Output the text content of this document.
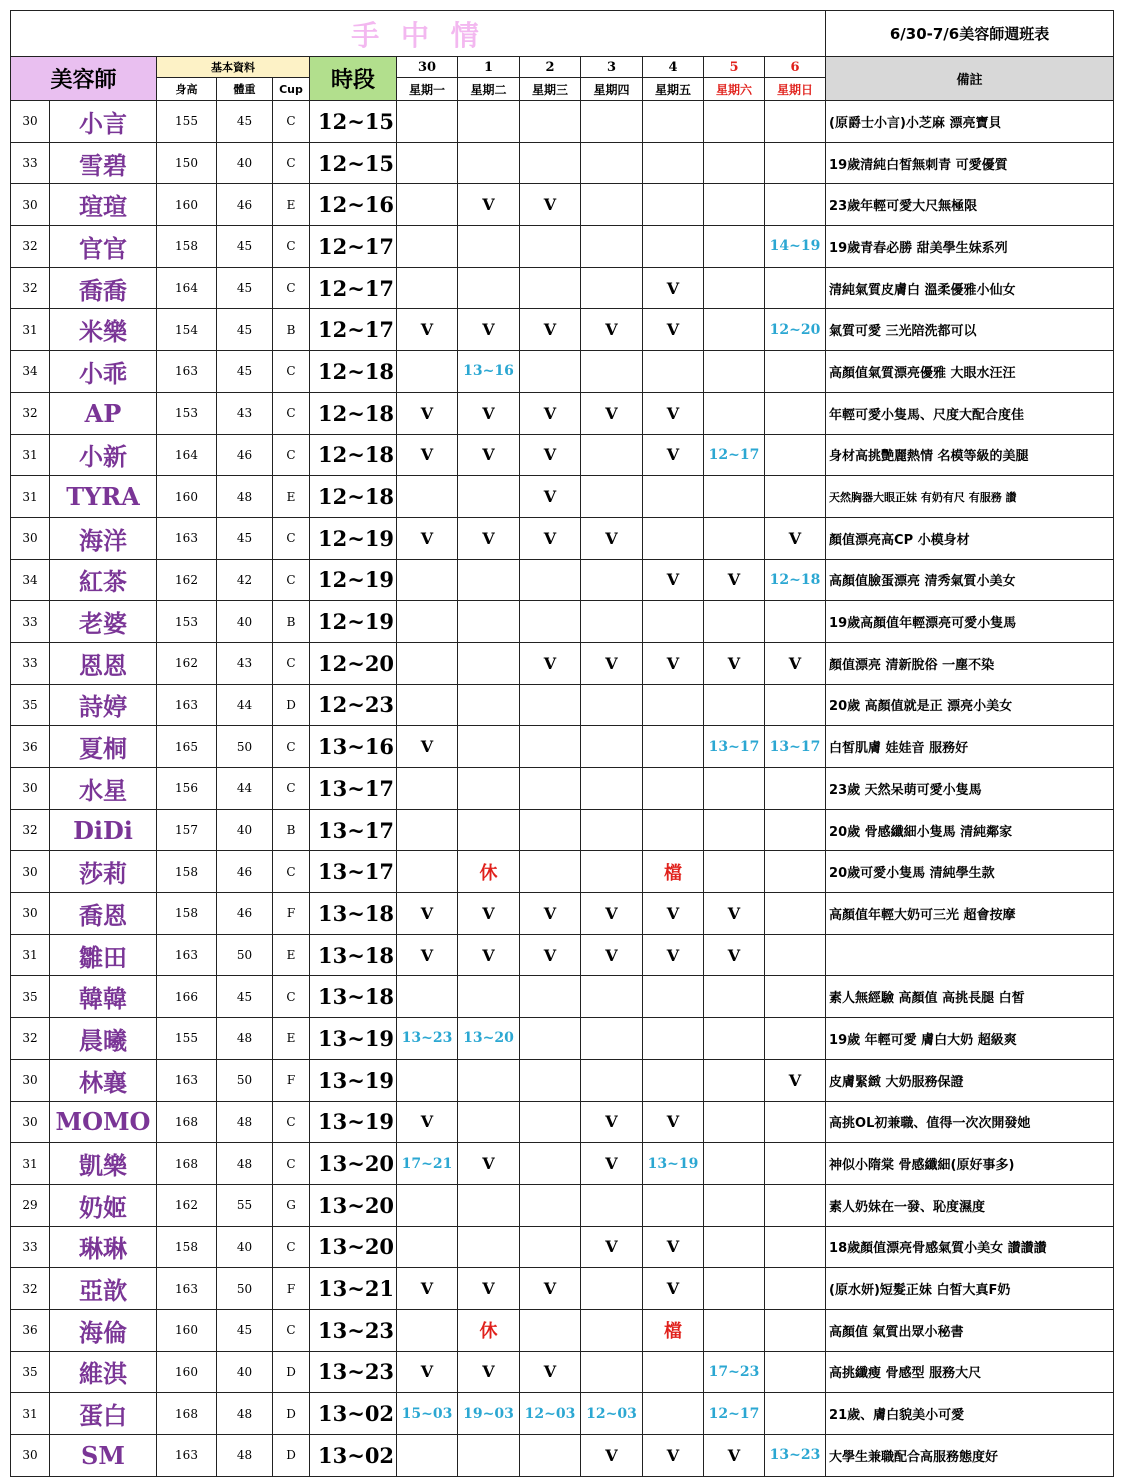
手 中 情													6/30-7/6美容師週班表
美容師		基本資料			時段	30	1	2	3	4	5	6	備註
		身高	體重	Cup		星期一	星期二	星期三	星期四	星期五	星期六	星期日	
30	小言	155	45	C	12~15								(原爵士小言)小芝麻 漂亮寶貝
33	雪碧	150	40	C	12~15								19歲清純白皙無刺青 可愛優質
30	瑄瑄	160	46	E	12~16		V	V					23歲年輕可愛大尺無極限
32	官官	158	45	C	12~17							14~19	19歲青春必勝 甜美學生妹系列
32	喬喬	164	45	C	12~17					V			清純氣質皮膚白 溫柔優雅小仙女
31	米樂	154	45	B	12~17	V	V	V	V	V		12~20	氣質可愛 三光陪洗都可以
34	小乖	163	45	C	12~18		13~16						高顏值氣質漂亮優雅 大眼水汪汪
32	AP	153	43	C	12~18	V	V	V	V	V			年輕可愛小隻馬、尺度大配合度佳
31	小新	164	46	C	12~18	V	V	V		V	12~17		身材高挑艷麗熱情 名模等級的美腿
31	TYRA	160	48	E	12~18			V					天然胸器大眼正妹 有奶有尺 有服務 讚
30	海洋	163	45	C	12~19	V	V	V	V			V	顏值漂亮高CP 小模身材
34	紅茶	162	42	C	12~19					V	V	12~18	高顏值臉蛋漂亮 清秀氣質小美女
33	老婆	153	40	B	12~19								19歲高顏值年輕漂亮可愛小隻馬
33	恩恩	162	43	C	12~20			V	V	V	V	V	顏值漂亮 清新脫俗 一塵不染
35	詩婷	163	44	D	12~23								20歲 高顏值就是正 漂亮小美女
36	夏桐	165	50	C	13~16	V					13~17	13~17	白皙肌膚 娃娃音 服務好
30	水星	156	44	C	13~17								23歲 天然呆萌可愛小隻馬
32	DiDi	157	40	B	13~17								20歲 骨感纖細小隻馬 清純鄰家
30	莎莉	158	46	C	13~17		休			檔			20歲可愛小隻馬 清純學生款
30	喬恩	158	46	F	13~18	V	V	V	V	V	V		高顏值年輕大奶可三光 超會按摩
31	雛田	163	50	E	13~18	V	V	V	V	V	V		
35	韓韓	166	45	C	13~18								素人無經驗 高顏值 高挑長腿 白皙
32	晨曦	155	48	E	13~19	13~23	13~20						19歲 年輕可愛 膚白大奶 超級爽
30	林襄	163	50	F	13~19							V	皮膚緊緻 大奶服務保證
30	MOMO	168	48	C	13~19	V			V	V			高挑OL初兼職、值得一次次開發她
31	凱樂	168	48	C	13~20	17~21	V		V	13~19			神似小隋棠 骨感纖細(原好事多)
29	奶姬	162	55	G	13~20								素人奶妹在一發、恥度濕度
33	琳琳	158	40	C	13~20				V	V			18歲顏值漂亮骨感氣質小美女 讚讚讚
32	亞歆	163	50	F	13~21	V	V	V		V			(原水妍)短髮正妹 白皙大真F奶
36	海倫	160	45	C	13~23		休			檔			高顏值 氣質出眾小秘書
35	維淇	160	40	D	13~23	V	V	V			17~23		高挑纖瘦 骨感型 服務大尺
31	蛋白	168	48	D	13~02	15~03	19~03	12~03	12~03		12~17		21歲、膚白貌美小可愛
30	SM	163	48	D	13~02				V	V	V	13~23	大學生兼職配合高服務態度好
